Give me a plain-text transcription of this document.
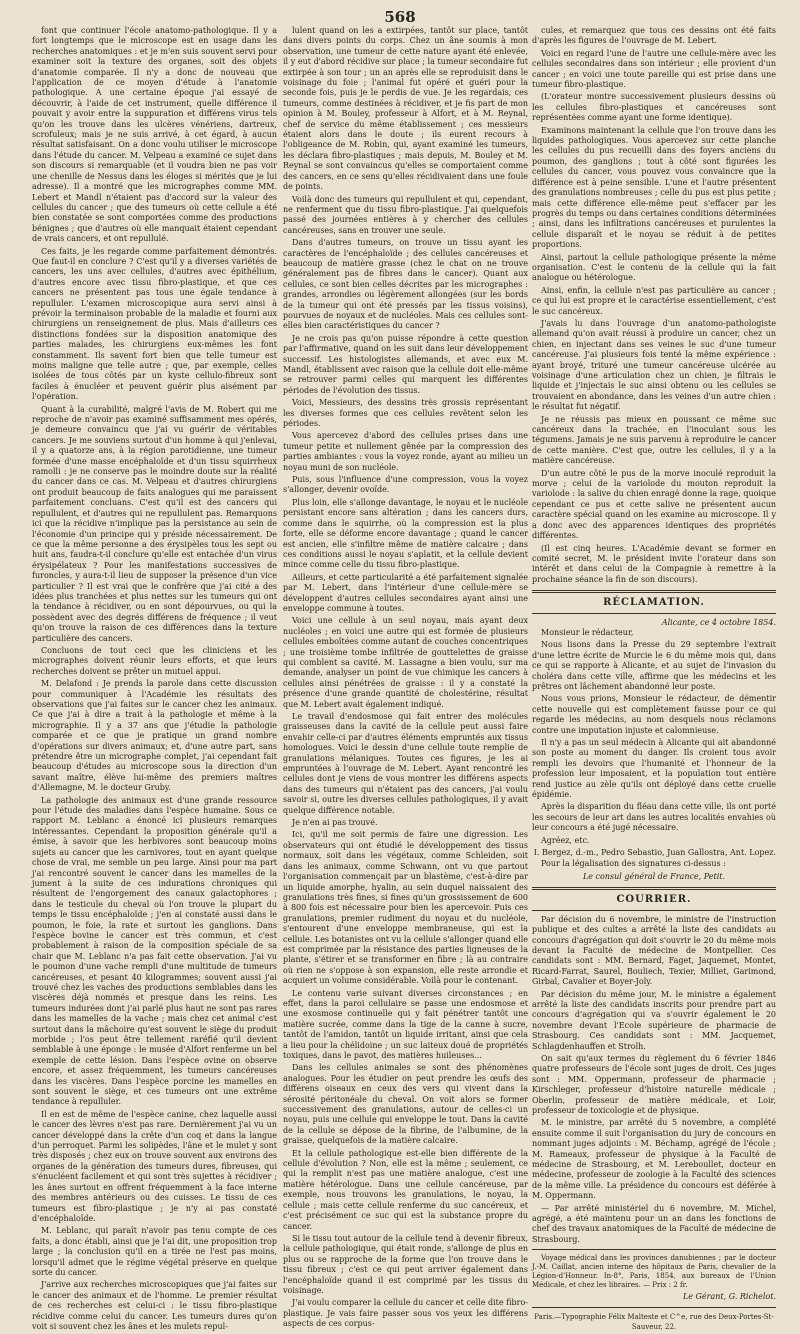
568

font que continuer l'école anatomo-pathologique. Il y a fort longtemps que le microscope est en usage dans les recherches anatomiques : et je m'en suis souvent servi pour examiner soit la texture des organes, soit des objets d'anatomie comparée. Il n'y a donc de nouveau que l'application de ce moyen d'étude à l'anatomie pathologique. A une certaine époque j'ai essayé de découvrir, à l'aide de cet instrument, quelle différence il pouvait y avoir entre la suppuration et différens virus tels qu'on les trouve dans les ulcères vénériens, dartreux, scrofuleux; mais je ne suis arrivé, à cet égard, à aucun résultat satisfaisant. On a donc voulu utiliser le microscope dans l'étude du cancer. M. Velpeau a examiné ce sujet dans son discours si remarquable (et il voudra bien ne pas voir une chenille de Nessus dans les éloges si mérités que je lui adresse). Il a montré que les micrographes comme MM. Lebert et Mandl n'étaient pas d'accord sur la valeur des cellules du cancer ; que des tumeurs où cette cellule a été bien constatée se sont comportées comme des productions bénignes ; que d'autres où elle manquait étaient cependant de vrais cancers, et ont repullulé.

Ces faits, je les regarde comme parfaitement démontrés. Que faut-il en conclure ? C'est qu'il y a diverses variétés de cancers, les uns avec cellules, d'autres avec épithélium, d'autres encore avec tissu fibro-plastique, et que ces cancers ne présentent pas tous une égale tendance à repulluler. L'examen microscopique aura servi ainsi à prévoir la terminaison probable de la maladie et fourni aux chirurgiens un renseignement de plus. Mais d'ailleurs ces distinctions fondées sur la disposition anatomique des parties malades, les chirurgiens eux-mêmes les font constamment. Ils savent fort bien que telle tumeur est moins maligne que telle autre ; que, par exemple, celles isolées de tous côtés par un kyste cellulo-fibreux sont faciles à énucléer et peuvent guérir plus aisément par l'opération.

Quant à la curabilité, malgré l'avis de M. Robert qui me reproche de n'avoir pas examiné suffisamment mes opérés, je demeure convaincu que j'ai vu guérir de véritables cancers. Je me souviens surtout d'un homme à qui j'enlevai, il y a quatorze ans, à la région parotidienne, une tumeur formée d'une masse encéphaloïde et d'un tissu squirrheux ramolli : je ne conserve pas le moindre doute sur la réalité du cancer dans ce cas. M. Velpeau et d'autres chirurgiens ont produit beaucoup de faits analogues qui me paraissent parfaitement concluans. C'est qu'il est des cancers qui repullulent, et d'autres qui ne repullulent pas. Remarquons ici que la récidive n'implique pas la persistance au sein de l'économie d'un principe qui y préside nécessairement. De ce que la même personne a des érysipèles tous les sept ou huit ans, faudra-t-il conclure qu'elle est entachée d'un virus érysipélateux ? Pour les manifestations successives de furoncles, y aura-t-il lieu de supposer la présence d'un vice particulier ? Il est vrai que le confrère que j'ai cité a des idées plus tranchées et plus nettes sur les tumeurs qui ont la tendance à récidiver, ou en sont dépourvues, ou qui la possèdent avec des degrés différens de fréquence ; il veut qu'on trouve la raison de ces différences dans la texture particulière des cancers.

Concluons de tout ceci que les cliniciens et les micrographes doivent réunir leurs efforts, et que leurs recherches doivent se prêter un mutuel appui.

M. Delafond : Je prends la parole dans cette discussion pour communiquer à l'Académie les résultats des observations que j'ai faites sur le cancer chez les animaux. Ce que j'ai à dire a trait à la pathologie et même à la micrographie. Il y a 37 ans que j'étudie la pathologie comparée et ce que je pratique un grand nombre d'opérations sur divers animaux; et, d'une autre part, sans prétendre être un micrographe complet, j'ai cependant fait beaucoup d'études au microscope sous la direction d'un savant maître, élève lui-même des premiers maîtres d'Allemagne, M. le docteur Gruby.

La pathologie des animaux est d'une grande ressource pour l'étude des maladies dans l'espèce humaine. Sous ce rapport M. Leblanc a énoncé ici plusieurs remarques intéressantes. Cependant la proposition générale qu'il a émise, à savoir que les herbivores sont beaucoup moins sujets au cancer que les carnivores, tout en ayant quelque chose de vrai, me semble un peu large. Ainsi pour ma part j'ai rencontré souvent le cancer dans les mamelles de la jument à la suite de ces indurations chroniques qui résultent de l'engorgement des canaux galactophores ; dans le testicule du cheval où l'on trouve la plupart du temps le tissu encéphaloïde ; j'en ai constaté aussi dans le poumon, le foie, la rate et surtout les ganglions. Dans l'espèce bovine le cancer est très commun, et c'est probablement à raison de la composition spéciale de sa chair que M. Leblanc n'a pas fait cette observation. J'ai vu le poumon d'une vache rempli d'une multitude de tumeurs cancéreuses, et pesant 40 kilogrammes; souvent aussi j'ai trouvé chez les vaches des productions semblables dans les viscères déjà nommés et presque dans les reins. Les tumeurs indurées dont j'ai parlé plus haut ne sont pas rares dans les mamelles de la vache ; mais chez cet animal c'est surtout dans la mâchoire qu'est souvent le siège du produit morbide ; l'os peut être tellement raréfié qu'il devient semblable à une éponge : le musée d'Alfort renferme un bel exemple de cette lésion. Dans l'espèce ovine on observe encore, et assez fréquemment, les tumeurs cancéreuses dans les viscères. Dans l'espèce porcine les mamelles en sont souvent le siège, et ces tumeurs ont une extrême tendance à repulluler.

Il en est de même de l'espèce canine, chez laquelle aussi le cancer des lèvres n'est pas rare. Dernièrement j'ai vu un cancer développé dans la crête d'un coq et dans la langue d'un perroquet. Parmi les solipèdes, l'âne et le mulet y sont très disposés ; chez eux on trouve souvent aux environs des organes de la génération des tumeurs dures, fibreuses, qui s'énucléent facilement et qui sont très sujettes à récidiver ; les ânes surtout en offrent fréquemment à la face interne des membres antérieurs ou des cuisses. Le tissu de ces tumeurs est fibro-plastique ; je n'y ai pas constaté d'encéphaloïde.

M. Leblanc, qui paraît n'avoir pas tenu compte de ces faits, a donc établi, ainsi que je l'ai dit, une proposition trop large ; la conclusion qu'il en a tirée ne l'est pas moins, lorsqu'il admet que le régime végétal préserve en quelque sorte du cancer.

J'arrive aux recherches microscopiques que j'ai faites sur le cancer des animaux et de l'homme. Le premier résultat de ces recherches est celui-ci : le tissu fibro-plastique récidive comme celui du cancer. Les tumeurs dures qu'on voit si souvent chez les ânes et les mulets repul-

lulent quand on les a extirpées, tantôt sur place, tantôt dans divers points du corps. Chez un âne soumis à mon observation, une tumeur de cette nature ayant été enlevée, il y eut d'abord récidive sur place ; la tumeur secondaire fut extirpée à son tour ; un an après elle se reproduisit dans le voisinage du foie ; l'animal fut opéré et guéri pour la seconde fois, puis je le perdis de vue. Je les regardais, ces tumeurs, comme destinées à récidiver, et je fis part de mon opinion à M. Bouley, professeur à Alfort, et à M. Reynal, chef de service du même établissement ; ces messieurs étaient alors dans le doute ; ils eurent recours à l'obligeance de M. Robin, qui, ayant examiné les tumeurs, les déclara fibro-plastiques ; mais depuis, M. Bouley et M. Reynal se sont convaincus qu'elles se comportaient comme des cancers, en ce sens qu'elles récidivaient dans une foule de points.

Voilà donc des tumeurs qui repullulent et qui, cependant, ne renferment que du tissu fibro-plastique. J'ai quelquefois passé des journées entières à y chercher des cellules cancéreuses, sans en trouver une seule.

Dans d'autres tumeurs, on trouve un tissu ayant les caractères de l'encéphaloïde ; des cellules cancéreuses et beaucoup de matière grasse (chez le chat on ne trouve généralement pas de fibres dans le cancer). Quant aux cellules, ce sont bien celles décrites par les micrographes : grandes, arrondies ou légèrement allongées (sur les bords de la tumeur qui ont été pressés par les tissus voisins), pourvues de noyaux et de nucléoles. Mais ces cellules sont-elles bien caractéristiques du cancer ?

Je ne crois pas qu'on puisse répondre à cette question par l'affirmative, quand on les suit dans leur développement successif. Les histologistes allemands, et avec eux M. Mandl, établissent avec raison que la cellule doit elle-même se retrouver parmi celles qui marquent les différentes périodes de l'évolution des tissus.

Voici, Messieurs, des dessins très grossis représentant les diverses formes que ces cellules revêtent selon les périodes.

Vous apercevez d'abord des cellules prises dans une tumeur petite et nullement gênée par la compression des parties ambiantes : vous la voyez ronde, ayant au milieu un noyau muni de son nucléole.

Puis, sous l'influence d'une compression, vous la voyez s'allonger, devenir ovoïde.

Plus loin, elle s'allonge davantage, le noyau et le nucléole persistant encore sans altération ; dans les cancers durs, comme dans le squirrhe, où la compression est la plus forte, elle se déforme encore davantage ; quand le cancer est ancien, elle s'infiltre même de matière calcaire ; dans ces conditions aussi le noyau s'aplatit, et la cellule devient mince comme celle du tissu fibro-plastique.

Ailleurs, et cette particularité a été parfaitement signalée par M. Lebert, dans l'intérieur d'une cellule-mère se développent d'autres cellules secondaires ayant ainsi une enveloppe commune à toutes.

Voici une cellule à un seul noyau, mais ayant deux nucléoles ; en voici une autre qui est formée de plusieurs cellules emboîtées comme autant de couches concentriques ; une troisième tombe infiltrée de gouttelettes de graisse qui comblent sa cavité. M. Lassagne a bien voulu, sur ma demande, analyser un point de vue chimique les cancers à cellules ainsi pénétrées de graisse : il y a constaté la présence d'une grande quantité de cholestérine, résultat que M. Lebert avait également indiqué.

Le travail d'endosmose qui fait entrer des molécules graisseuses dans la cavité de la cellule peut aussi faire envahir celle-ci par d'autres éléments empruntés aux tissus homologues. Voici le dessin d'une cellule toute remplie de granulations mélaniques. Toutes ces figures, je les ai empruntées à l'ouvrage de M. Lebert. Ayant rencontré les cellules dont je viens de vous montrer les différens aspects dans des tumeurs qui n'étaient pas des cancers, j'ai voulu savoir si, outre les diverses cellules pathologiques, il y avait quelque différence notable.

Je n'en ai pas trouvé.

Ici, qu'il me soit permis de faire une digression. Les observateurs qui ont étudié le développement des tissus normaux, soit dans les végétaux, comme Schleiden, soit dans les animaux, comme Schwann, ont vu que partout l'organisation commençait par un blastème, c'est-à-dire par un liquide amorphe, hyalin, au sein duquel naissaient des granulations très fines, si fines qu'un grossissement de 600 à 800 fois est nécessaire pour bien les apercevoir. Puis ces granulations, premier rudiment du noyau et du nucléole, s'entourent d'une enveloppe membraneuse, qui est la cellule. Les botanistes ont vu la cellule s'allonger quand elle est comprimée par la résistance des parties ligneuses de la plante, s'étirer et se transformer en fibre ; là au contraire où rien ne s'oppose à son expansion, elle reste arrondie et acquiert un volume considérable. Voilà pour le contenant.

Le contenu varie suivant diverses circonstances ; en effet, dans la paroi cellulaire se passe une endosmose et une exosmose continuelle qui y fait pénétrer tantôt une matière sucrée, comme dans la tige de la canne à sucre, tantôt de l'amidon, tantôt un liquide irritant, ainsi que cela a lieu pour la chélidoine ; un suc laiteux doué de propriétés toxiques, dans le pavot, des matières huileuses...

Dans les cellules animales se sont des phénomènes analogues. Pour les étudier on peut prendre les œufs des différens oiseaux en ceux des vers qui vivent dans la sérosité péritonéale du cheval. On voit alors se former successivement des granulations, autour de celles-ci un noyau, puis une cellule qui enveloppe le tout. Dans la cavité de la cellule se dépose de la fibrine, de l'albumine, de la graisse, quelquefois de la matière calcaire.

Et la cellule pathologique est-elle bien différente de la cellule d'évolution ? Non, elle est la même ; seulement, ce qui la remplit n'est pas une matière analogue, c'est une matière hétérologue. Dans une cellule cancéreuse, par exemple, nous trouvons les granulations, le noyau, la cellule ; mais cette cellule renferme du suc cancéreux, et c'est précisément ce suc qui est la substance propre du cancer.

Si le tissu tout autour de la cellule tend à devenir fibreux, la cellule pathologique, qui était ronde, s'allonge de plus en plus ou se rapproche de la forme que l'on trouve dans le tissu fibreux ; c'est ce qui peut arriver également dans l'encéphaloïde quand il est comprimé par les tissus du voisinage.

J'ai voulu comparer la cellule du cancer et celle dite fibro-plastique. Je vais faire passer sous vos yeux les différens aspects de ces corpus-

cules, et remarquez que tous ces dessins ont été faits d'après les figures de l'ouvrage de M. Lebert.

Voici en regard l'une de l'autre une cellule-mère avec les cellules secondaires dans son intérieur ; elle provient d'un cancer ; en voici une toute pareille qui est prise dans une tumeur fibro-plastique.

(L'orateur montre successivement plusieurs dessins où les cellules fibro-plastiques et cancéreuses sont représentées comme ayant une forme identique).

Examinons maintenant la cellule que l'on trouve dans les liquides pathologiques. Vous apercevez sur cette planche les cellules du pus recueilli dans des foyers anciens du poumon, des ganglions ; tout à côté sont figurées les cellules du cancer, vous pouvez vous convaincre que la différence est à peine sensible. L'une et l'autre présentent des granulations nombreuses ; celle du pus est plus petite ; mais cette différence elle-même peut s'effacer par les progrès du temps ou dans certaines conditions déterminées ; ainsi, dans les infiltrations cancéreuses et purulentes la cellule disparaît et le noyau se réduit à de petites proportions.

Ainsi, partout la cellule pathologique présente la même organisation. C'est le contenu de la cellule qui la fait analogue ou hétérologue.

Ainsi, enfin, la cellule n'est pas particulière au cancer ; ce qui lui est propre et le caractérise essentiellement, c'est le suc cancéreux.

J'avais lu dans l'ouvrage d'un anatomo-pathologiste allemand qu'on avait réussi à produire un cancer, chez un chien, en injectant dans ses veines le suc d'une tumeur cancéreuse. J'ai plusieurs fois tenté la même expérience : ayant broyé, trituré une tumeur cancéreuse ulcérée au voisinage d'une articulation chez un chien, je filtrais le liquide et j'injectais le suc ainsi obtenu ou les cellules se trouvaient en abondance, dans les veines d'un autre chien : le résultat fut négatif.

Je ne réussis pas mieux en poussant ce même suc cancéreux dans la trachée, en l'inoculant sous les tégumens. Jamais je ne suis parvenu à reproduire le cancer de cette manière. C'est que, outre les cellules, il y a la matière cancéreuse.

D'un autre côté le pus de la morve inoculé reproduit la morve ; celui de la variolode du mouton reproduit la variolode : la salive du chien enragé donne la rage, quoique cependant ce pus et cette salive ne présentent aucun caractère spécial quand on les examine au microscope. Il y a donc avec des apparences identiques des propriétés différentes.

(Il est cinq heures. L'Académie devant se former en comité secret, M. le président invite l'orateur dans son intérêt et dans celui de la Compagnie à remettre à la prochaine séance la fin de son discours).

RÉCLAMATION.
Alicante, ce 4 octobre 1854.

Monsieur le rédacteur,

Nous lisons dans la Presse du 29 septembre l'extrait d'une lettre écrite de Murcie le 6 du même mois qui, dans ce qui se rapporte à Alicante, et au sujet de l'invasion du choléra dans cette ville, affirme que les médecins et les prêtres ont lâchement abandonné leur poste.

Nous vous prions, Monsieur le rédacteur, de démentir cette nouvelle qui est complètement fausse pour ce qui regarde les médecins, au nom desquels nous réclamons contre une imputation injuste et calomnieuse.

Il n'y a pas un seul médecin à Alicante qui ait abandonné son poste au moment du danger. Ils croient tous avoir rempli les devoirs que l'humanité et l'honneur de la profession leur imposaient, et la population tout entière rend justice au zèle qu'ils ont déployé dans cette cruelle épidémie.

Après la disparition du fléau dans cette ville, ils ont porté les secours de leur art dans les autres localités envahies où leur concours a été jugé nécessaire.

Agréez, etc.

I. Bergez, d.-m., Pedro Sebastio, Juan Gallostra, Ant. Lopez.

Pour la légalisation des signatures ci-dessus :

Le consul général de France, Petit.
COURRIER.

Par décision du 6 novembre, le ministre de l'instruction publique et des cultes a arrêté la liste des candidats au concours d'agrégation qui doit s'ouvrir le 20 du même mois devant la Faculté de médecine de Montpellier. Ces candidats sont : MM. Bernard, Faget, Jaquemet, Montet, Ricard-Farrat, Saurel, Bouliech, Texier, Milliet, Garimond, Girbal, Cavalier et Boyer-Joly.

Par décision du même jour, M. le ministre a également arrêté la liste des candidats inscrits pour prendre part au concours d'agrégation qui va s'ouvrir également le 20 novembre devant l'Ecole supérieure de pharmacie de Strasbourg. Ces candidats sont : MM. Jacquemet, Schlagdenhauffen et Strolh.

On sait qu'aux termes du règlement du 6 février 1846 quatre professeurs de l'école sont juges de droit. Ces juges sont : MM. Oppermann, professeur de pharmacie ; Kirschleger, professeur d'histoire naturelle médicale ; Oberlin, professeur de matière médicale, et Loir, professeur de toxicologie et de physique.

M. le ministre, par arrêté du 5 novembre, a complété ensuite comme il suit l'organisation du jury de concours en nommant juges adjoints : M. Béchamp, agrégé de l'école ; M. Rameaux, professeur de physique à la Faculté de médecine de Strasbourg, et M. Lereboullet, docteur en médecine, professeur de zoologie à la Faculté des sciences de la même ville. La présidence du concours est déférée à M. Oppermann.

— Par arrêté ministériel du 6 novembre, M. Michel, agrégé, a été maintenu pour un an dans les fonctions de chef des travaux anatomiques de la Faculté de médecine de Strasbourg.

Voyage médical dans les provinces danubiennes ; par le docteur J.-M. Caillat, ancien interne des hôpitaux de Paris, chevalier de la Légion-d'Honneur. In-8°, Paris, 1854, aux bureaux de l'Union Médicale, et chez les libraires. — Prix : 2 fr.

Le Gérant, G. Richelot.
Paris.—Typographie Félix Malteste et C^e, rue des Deux-Portes-St-Sauveur, 22.
